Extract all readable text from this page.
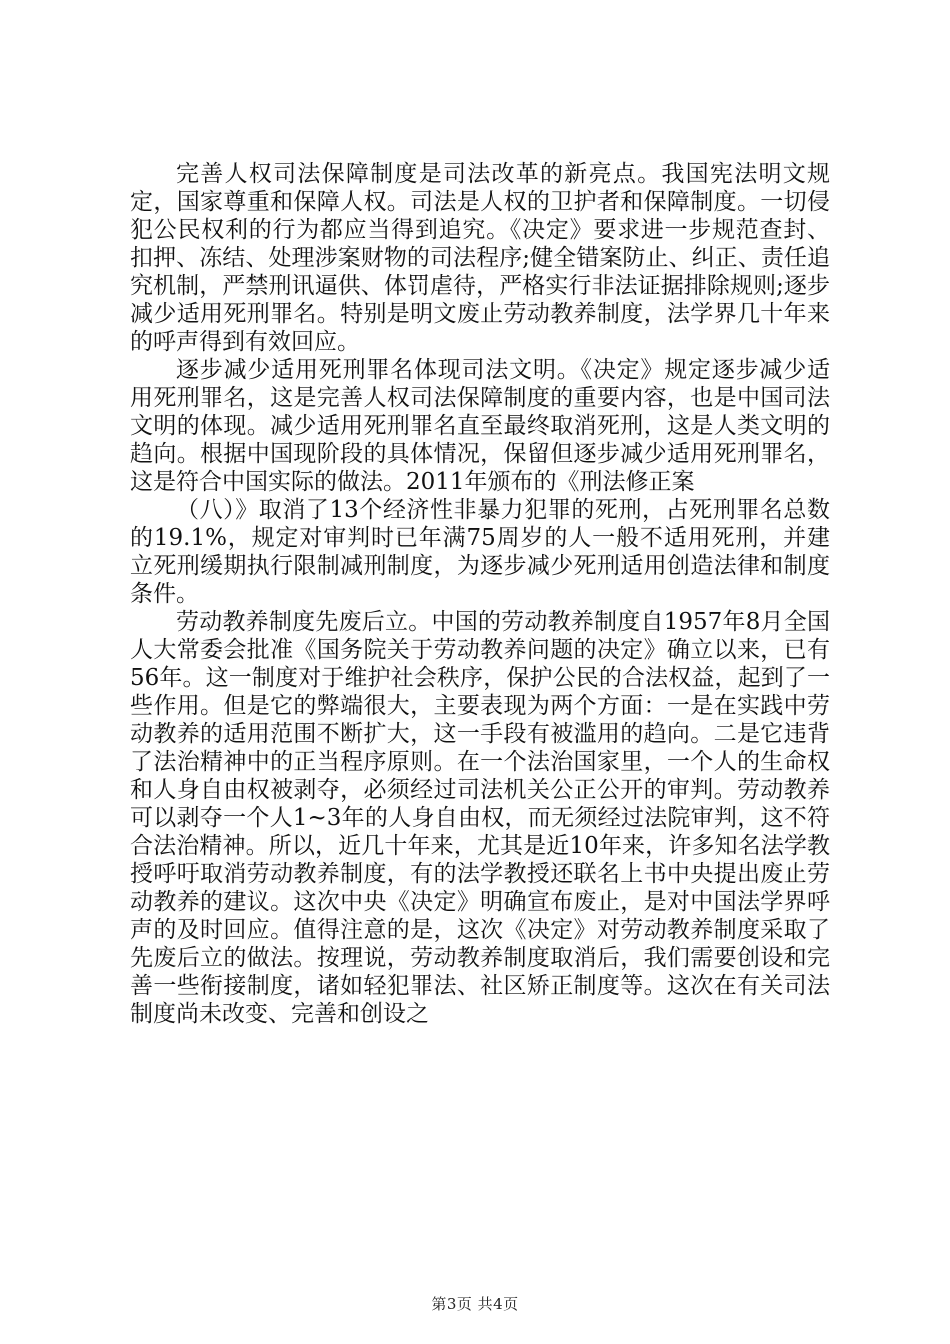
完善人权司法保障制度是司法改革的新亮点。我国宪法明文规定，国家尊重和保障人权。司法是人权的卫护者和保障制度。一切侵犯公民权利的行为都应当得到追究。《决定》要求进一步规范查封、扣押、冻结、处理涉案财物的司法程序;健全错案防止、纠正、责任追究机制，严禁刑讯逼供、体罚虐待，严格实行非法证据排除规则;逐步减少适用死刑罪名。特别是明文废止劳动教养制度，法学界几十年来的呼声得到有效回应。

逐步减少适用死刑罪名体现司法文明。《决定》规定逐步减少适用死刑罪名，这是完善人权司法保障制度的重要内容，也是中国司法文明的体现。减少适用死刑罪名直至最终取消死刑，这是人类文明的趋向。根据中国现阶段的具体情况，保留但逐步减少适用死刑罪名，这是符合中国实际的做法。2011年颁布的《刑法修正案

（八）》取消了13个经济性非暴力犯罪的死刑，占死刑罪名总数的19.1%，规定对审判时已年满75周岁的人一般不适用死刑，并建立死刑缓期执行限制减刑制度，为逐步减少死刑适用创造法律和制度条件。

劳动教养制度先废后立。中国的劳动教养制度自1957年8月全国人大常委会批准《国务院关于劳动教养问题的决定》确立以来，已有56年。这一制度对于维护社会秩序，保护公民的合法权益，起到了一些作用。但是它的弊端很大，主要表现为两个方面：一是在实践中劳动教养的适用范围不断扩大，这一手段有被滥用的趋向。二是它违背了法治精神中的正当程序原则。在一个法治国家里，一个人的生命权和人身自由权被剥夺，必须经过司法机关公正公开的审判。劳动教养可以剥夺一个人1~3年的人身自由权，而无须经过法院审判，这不符合法治精神。所以，近几十年来，尤其是近10年来，许多知名法学教授呼吁取消劳动教养制度，有的法学教授还联名上书中央提出废止劳动教养的建议。这次中央《决定》明确宣布废止，是对中国法学界呼声的及时回应。值得注意的是，这次《决定》对劳动教养制度采取了先废后立的做法。按理说，劳动教养制度取消后，我们需要创设和完善一些衔接制度，诸如轻犯罪法、社区矫正制度等。这次在有关司法制度尚未改变、完善和创设之

第3页 共4页
